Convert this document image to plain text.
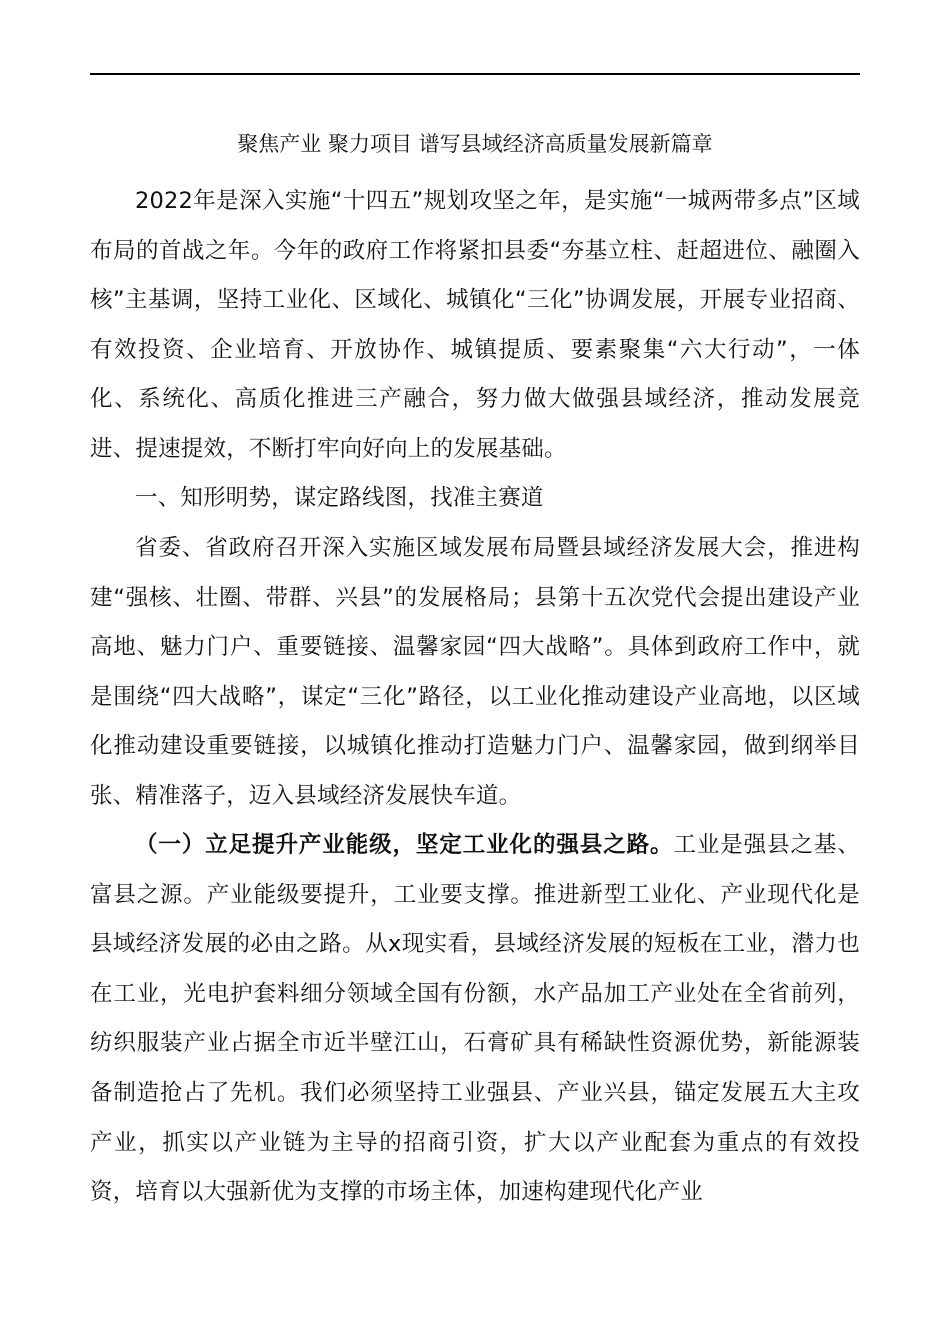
聚焦产业 聚力项目 谱写县域经济高质量发展新篇章

2022年是深入实施“十四五”规划攻坚之年，是实施“一城两带多点”区域布局的首战之年。今年的政府工作将紧扣县委“夯基立柱、赶超进位、融圈入核”主基调，坚持工业化、区域化、城镇化“三化”协调发展，开展专业招商、有效投资、企业培育、开放协作、城镇提质、要素聚集“六大行动”，一体化、系统化、高质化推进三产融合，努力做大做强县域经济，推动发展竞进、提速提效，不断打牢向好向上的发展基础。

一、知形明势，谋定路线图，找准主赛道

省委、省政府召开深入实施区域发展布局暨县域经济发展大会，推进构建“强核、壮圈、带群、兴县”的发展格局；县第十五次党代会提出建设产业高地、魅力门户、重要链接、温馨家园“四大战略”。具体到政府工作中，就是围绕“四大战略”，谋定“三化”路径，以工业化推动建设产业高地，以区域化推动建设重要链接，以城镇化推动打造魅力门户、温馨家园，做到纲举目张、精准落子，迈入县域经济发展快车道。

（一）立足提升产业能级，坚定工业化的强县之路。工业是强县之基、富县之源。产业能级要提升，工业要支撑。推进新型工业化、产业现代化是县域经济发展的必由之路。从x现实看，县域经济发展的短板在工业，潜力也在工业，光电护套料细分领域全国有份额，水产品加工产业处在全省前列，纺织服装产业占据全市近半壁江山，石膏矿具有稀缺性资源优势，新能源装备制造抢占了先机。我们必须坚持工业强县、产业兴县，锚定发展五大主攻产业，抓实以产业链为主导的招商引资，扩大以产业配套为重点的有效投资，培育以大强新优为支撑的市场主体，加速构建现代化产业
